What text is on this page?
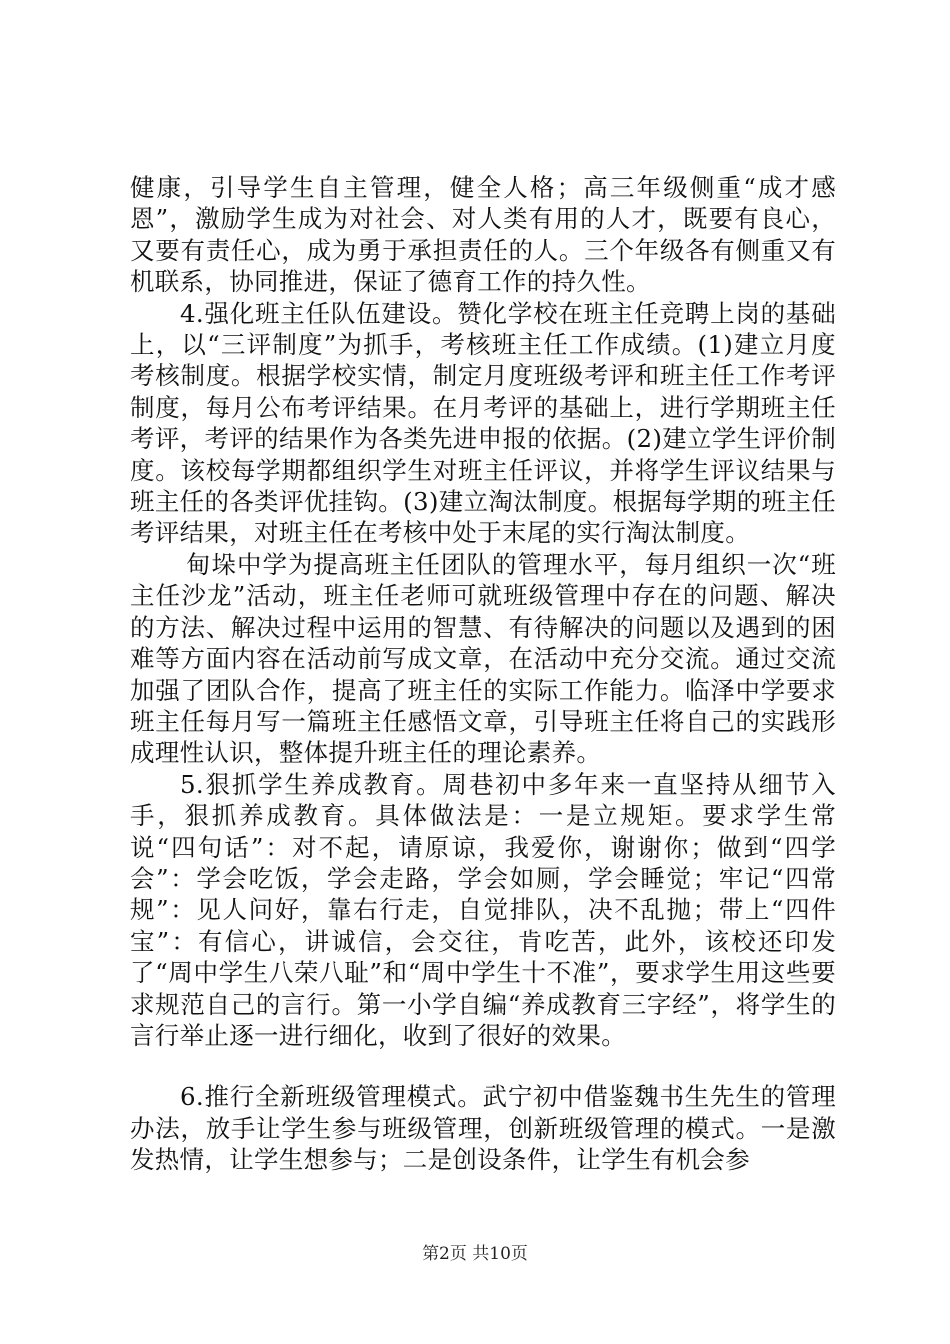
健康，引导学生自主管理，健全人格；高三年级侧重“成才感恩”，激励学生成为对社会、对人类有用的人才，既要有良心，又要有责任心，成为勇于承担责任的人。三个年级各有侧重又有机联系，协同推进，保证了德育工作的持久性。

4.强化班主任队伍建设。赞化学校在班主任竞聘上岗的基础上，以“三评制度”为抓手，考核班主任工作成绩。(1)建立月度考核制度。根据学校实情，制定月度班级考评和班主任工作考评制度，每月公布考评结果。在月考评的基础上，进行学期班主任考评，考评的结果作为各类先进申报的依据。(2)建立学生评价制度。该校每学期都组织学生对班主任评议，并将学生评议结果与班主任的各类评优挂钩。(3)建立淘汰制度。根据每学期的班主任考评结果，对班主任在考核中处于末尾的实行淘汰制度。

甸垛中学为提高班主任团队的管理水平，每月组织一次“班主任沙龙”活动，班主任老师可就班级管理中存在的问题、解决的方法、解决过程中运用的智慧、有待解决的问题以及遇到的困难等方面内容在活动前写成文章，在活动中充分交流。通过交流加强了团队合作，提高了班主任的实际工作能力。临泽中学要求班主任每月写一篇班主任感悟文章，引导班主任将自己的实践形成理性认识，整体提升班主任的理论素养。

5.狠抓学生养成教育。周巷初中多年来一直坚持从细节入手，狠抓养成教育。具体做法是：一是立规矩。要求学生常说“四句话”：对不起，请原谅，我爱你，谢谢你；做到“四学会”：学会吃饭，学会走路，学会如厕，学会睡觉；牢记“四常规”：见人问好，靠右行走，自觉排队，决不乱抛；带上“四件宝”：有信心，讲诚信，会交往，肯吃苦，此外，该校还印发了“周中学生八荣八耻”和“周中学生十不准”，要求学生用这些要求规范自己的言行。第一小学自编“养成教育三字经”，将学生的言行举止逐一进行细化，收到了很好的效果。

6.推行全新班级管理模式。武宁初中借鉴魏书生先生的管理办法，放手让学生参与班级管理，创新班级管理的模式。一是激发热情，让学生想参与；二是创设条件，让学生有机会参

第2页 共10页
